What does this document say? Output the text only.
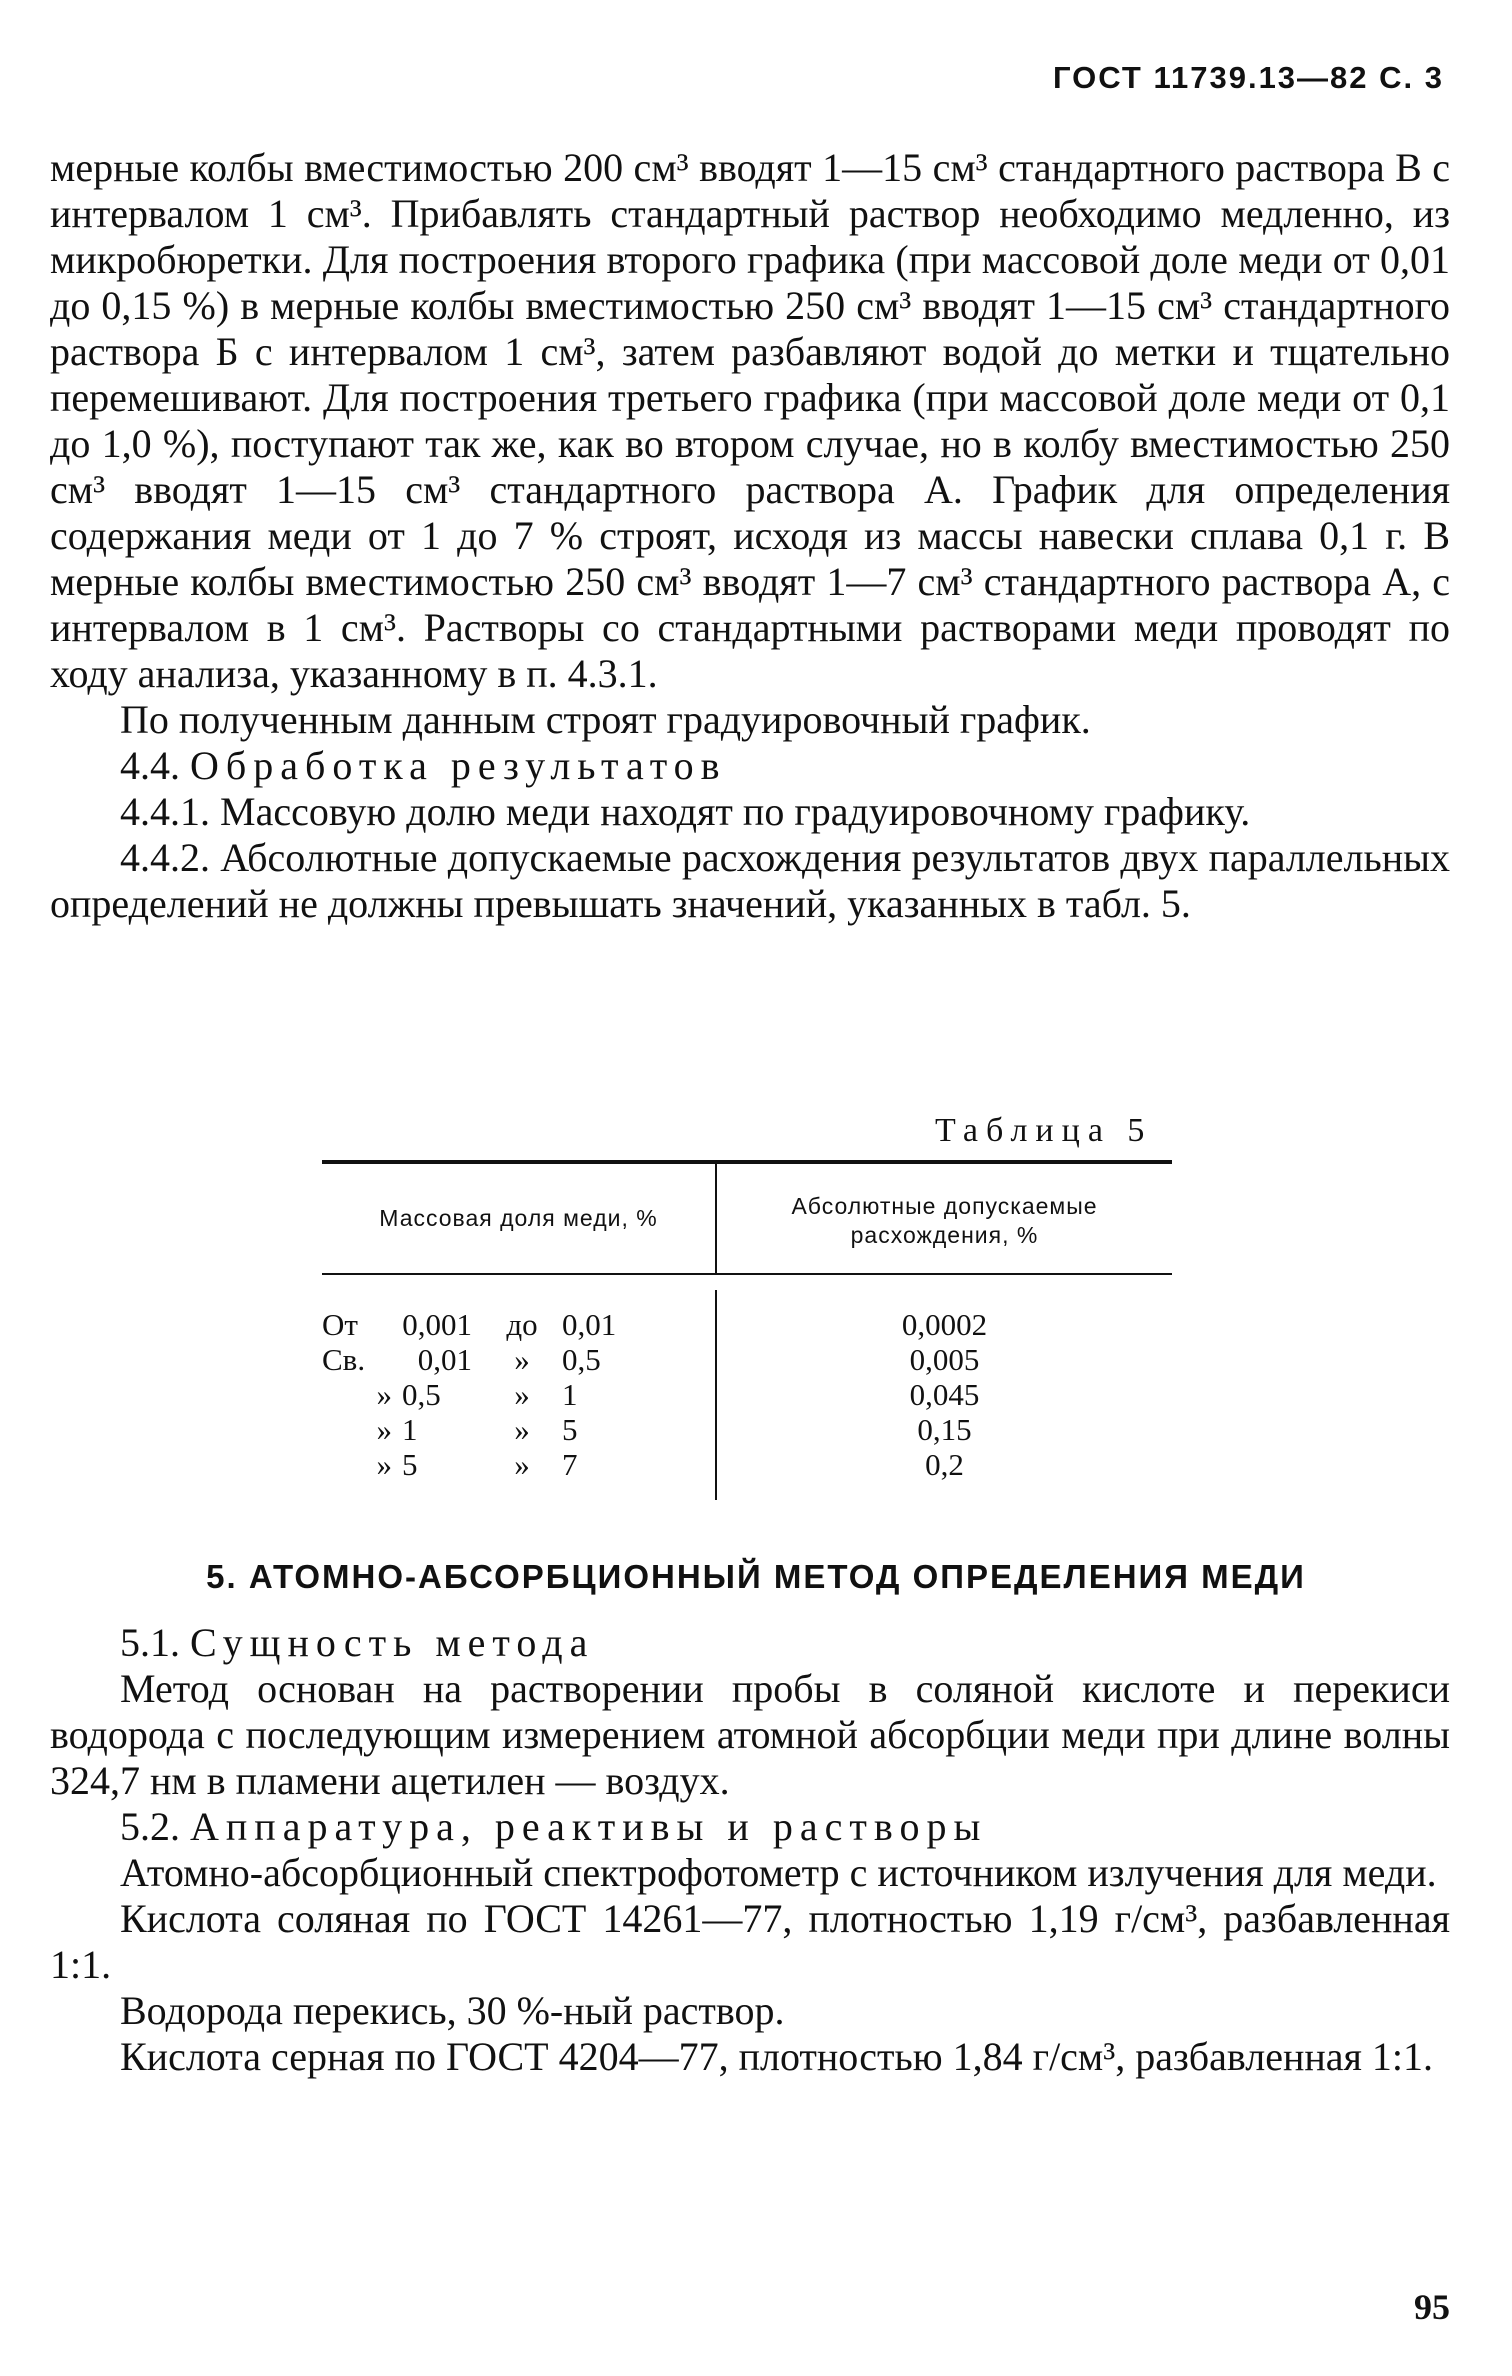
ГОСТ 11739.13—82 С. 3

мерные колбы вместимостью 200 см³ вводят 1—15 см³ стандартного раствора В с интервалом 1 см³. Прибавлять стандартный раствор необходимо медленно, из микробюретки. Для построения второго графика (при массовой доле меди от 0,01 до 0,15 %) в мерные колбы вместимостью 250 см³ вводят 1—15 см³ стандартного раствора Б с интервалом 1 см³, затем разбавляют водой до метки и тщательно перемешивают. Для построения третьего графика (при массовой доле меди от 0,1 до 1,0 %), поступают так же, как во втором случае, но в колбу вместимостью 250 см³ вводят 1—15 см³ стандартного раствора А. График для определения содержания меди от 1 до 7 % строят, исходя из массы навески сплава 0,1 г. В мерные колбы вместимостью 250 см³ вводят 1—7 см³ стандартного раствора А, с интервалом в 1 см³. Растворы со стандартными растворами меди проводят по ходу анализа, указанному в п. 4.3.1.

По полученным данным строят градуировочный график.

4.4. Обработка результатов

4.4.1. Массовую долю меди находят по градуировочному графику.

4.4.2. Абсолютные допускаемые расхождения результатов двух параллельных определений не должны превышать значений, указанных в табл. 5.

Таблица 5
Массовая доля меди, %	Абсолютные допускаемые
расхождения, %
От	0,001	до 0,01	0,0002
Св.	0,01	»	0,5	0,005
» 0,5	»	1	0,045
» 1	»	5	0,15
» 5	»	7	0,2
5. АТОМНО-АБСОРБЦИОННЫЙ МЕТОД ОПРЕДЕЛЕНИЯ МЕДИ

5.1. Сущность метода

Метод основан на растворении пробы в соляной кислоте и перекиси водорода с последующим измерением атомной абсорбции меди при длине волны 324,7 нм в пламени ацетилен — воздух.

5.2. Аппаратура, реактивы и растворы

Атомно-абсорбционный спектрофотометр с источником излучения для меди.

Кислота соляная по ГОСТ 14261—77, плотностью 1,19 г/см³, разбавленная 1:1.

Водорода перекись, 30 %-ный раствор.

Кислота серная по ГОСТ 4204—77, плотностью 1,84 г/см³, разбавленная 1:1.

95
